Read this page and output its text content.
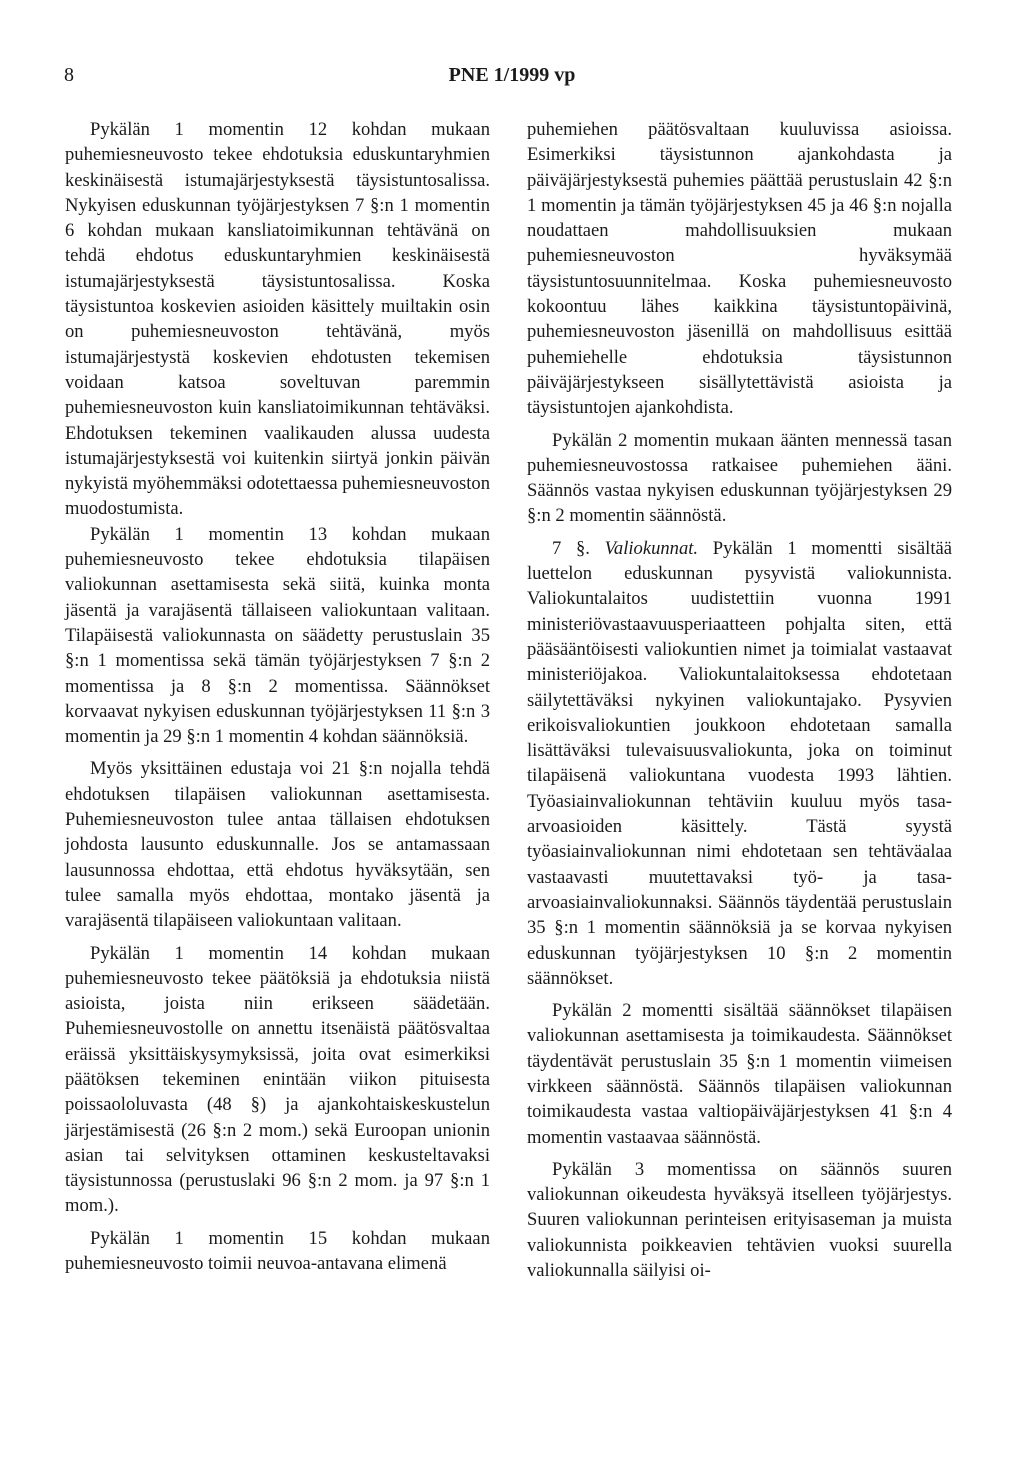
8	PNE 1/1999 vp

Pykälän 1 momentin 12 kohdan mukaan puhemiesneuvosto tekee ehdotuksia eduskuntaryhmien keskinäisestä istumajärjestyksestä täysistuntosalissa. Nykyisen eduskunnan työjärjestyksen 7 §:n 1 momentin 6 kohdan mukaan kansliatoimikunnan tehtävänä on tehdä ehdotus eduskuntaryhmien keskinäisestä istumajärjestyksestä täysistuntosalissa. Koska täysistuntoa koskevien asioiden käsittely muiltakin osin on puhemiesneuvoston tehtävänä, myös istumajärjestystä koskevien ehdotusten tekemisen voidaan katsoa soveltuvan paremmin puhemiesneuvoston kuin kansliatoimikunnan tehtäväksi. Ehdotuksen tekeminen vaalikauden alussa uudesta istumajärjestyksestä voi kuitenkin siirtyä jonkin päivän nykyistä myöhemmäksi odotettaessa puhemiesneuvoston muodostumista.

Pykälän 1 momentin 13 kohdan mukaan puhemiesneuvosto tekee ehdotuksia tilapäisen valiokunnan asettamisesta sekä siitä, kuinka monta jäsentä ja varajäsentä tällaiseen valiokuntaan valitaan. Tilapäisestä valiokunnasta on säädetty perustuslain 35 §:n 1 momentissa sekä tämän työjärjestyksen 7 §:n 2 momentissa ja 8 §:n 2 momentissa. Säännökset korvaavat nykyisen eduskunnan työjärjestyksen 11 §:n 3 momentin ja 29 §:n 1 momentin 4 kohdan säännöksiä.

Myös yksittäinen edustaja voi 21 §:n nojalla tehdä ehdotuksen tilapäisen valiokunnan asettamisesta. Puhemiesneuvoston tulee antaa tällaisen ehdotuksen johdosta lausunto eduskunnalle. Jos se antamassaan lausunnossa ehdottaa, että ehdotus hyväksytään, sen tulee samalla myös ehdottaa, montako jäsentä ja varajäsentä tilapäiseen valiokuntaan valitaan.

Pykälän 1 momentin 14 kohdan mukaan puhemiesneuvosto tekee päätöksiä ja ehdotuksia niistä asioista, joista niin erikseen säädetään. Puhemiesneuvostolle on annettu itsenäistä päätösvaltaa eräissä yksittäiskysymyksissä, joita ovat esimerkiksi päätöksen tekeminen enintään viikon pituisesta poissaololuvasta (48 §) ja ajankohtaiskeskustelun järjestämisestä (26 §:n 2 mom.) sekä Euroopan unionin asian tai selvityksen ottaminen keskusteltavaksi täysistunnossa (perustuslaki 96 §:n 2 mom. ja 97 §:n 1 mom.).

Pykälän 1 momentin 15 kohdan mukaan puhemiesneuvosto toimii neuvoa-antavana elimenä

puhemiehen päätösvaltaan kuuluvissa asioissa. Esimerkiksi täysistunnon ajankohdasta ja päiväjärjestyksestä puhemies päättää perustuslain 42 §:n 1 momentin ja tämän työjärjestyksen 45 ja 46 §:n nojalla noudattaen mahdollisuuksien mukaan puhemiesneuvoston hyväksymää täysistuntosuunnitelmaa. Koska puhemiesneuvosto kokoontuu lähes kaikkina täysistuntopäivinä, puhemiesneuvoston jäsenillä on mahdollisuus esittää puhemiehelle ehdotuksia täysistunnon päiväjärjestykseen sisällytettävistä asioista ja täysistuntojen ajankohdista.

Pykälän 2 momentin mukaan äänten mennessä tasan puhemiesneuvostossa ratkaisee puhemiehen ääni. Säännös vastaa nykyisen eduskunnan työjärjestyksen 29 §:n 2 momentin säännöstä.

7 §. Valiokunnat. Pykälän 1 momentti sisältää luettelon eduskunnan pysyvistä valiokunnista. Valiokuntalaitos uudistettiin vuonna 1991 ministeriövastaavuusperiaatteen pohjalta siten, että pääsääntöisesti valiokuntien nimet ja toimialat vastaavat ministeriöjakoa. Valiokuntalaitoksessa ehdotetaan säilytettäväksi nykyinen valiokuntajako. Pysyvien erikoisvaliokuntien joukkoon ehdotetaan samalla lisättäväksi tulevaisuusvaliokunta, joka on toiminut tilapäisenä valiokuntana vuodesta 1993 lähtien. Työasiainvaliokunnan tehtäviin kuuluu myös tasa-arvoasioiden käsittely. Tästä syystä työasiainvaliokunnan nimi ehdotetaan sen tehtäväalaa vastaavasti muutettavaksi työ- ja tasa-arvoasiainvaliokunnaksi. Säännös täydentää perustuslain 35 §:n 1 momentin säännöksiä ja se korvaa nykyisen eduskunnan työjärjestyksen 10 §:n 2 momentin säännökset.

Pykälän 2 momentti sisältää säännökset tilapäisen valiokunnan asettamisesta ja toimikaudesta. Säännökset täydentävät perustuslain 35 §:n 1 momentin viimeisen virkkeen säännöstä. Säännös tilapäisen valiokunnan toimikaudesta vastaa valtiopäiväjärjestyksen 41 §:n 4 momentin vastaavaa säännöstä.

Pykälän 3 momentissa on säännös suuren valiokunnan oikeudesta hyväksyä itselleen työjärjestys. Suuren valiokunnan perinteisen erityisaseman ja muista valiokunnista poikkeavien tehtävien vuoksi suurella valiokunnalla säilyisi oi-
